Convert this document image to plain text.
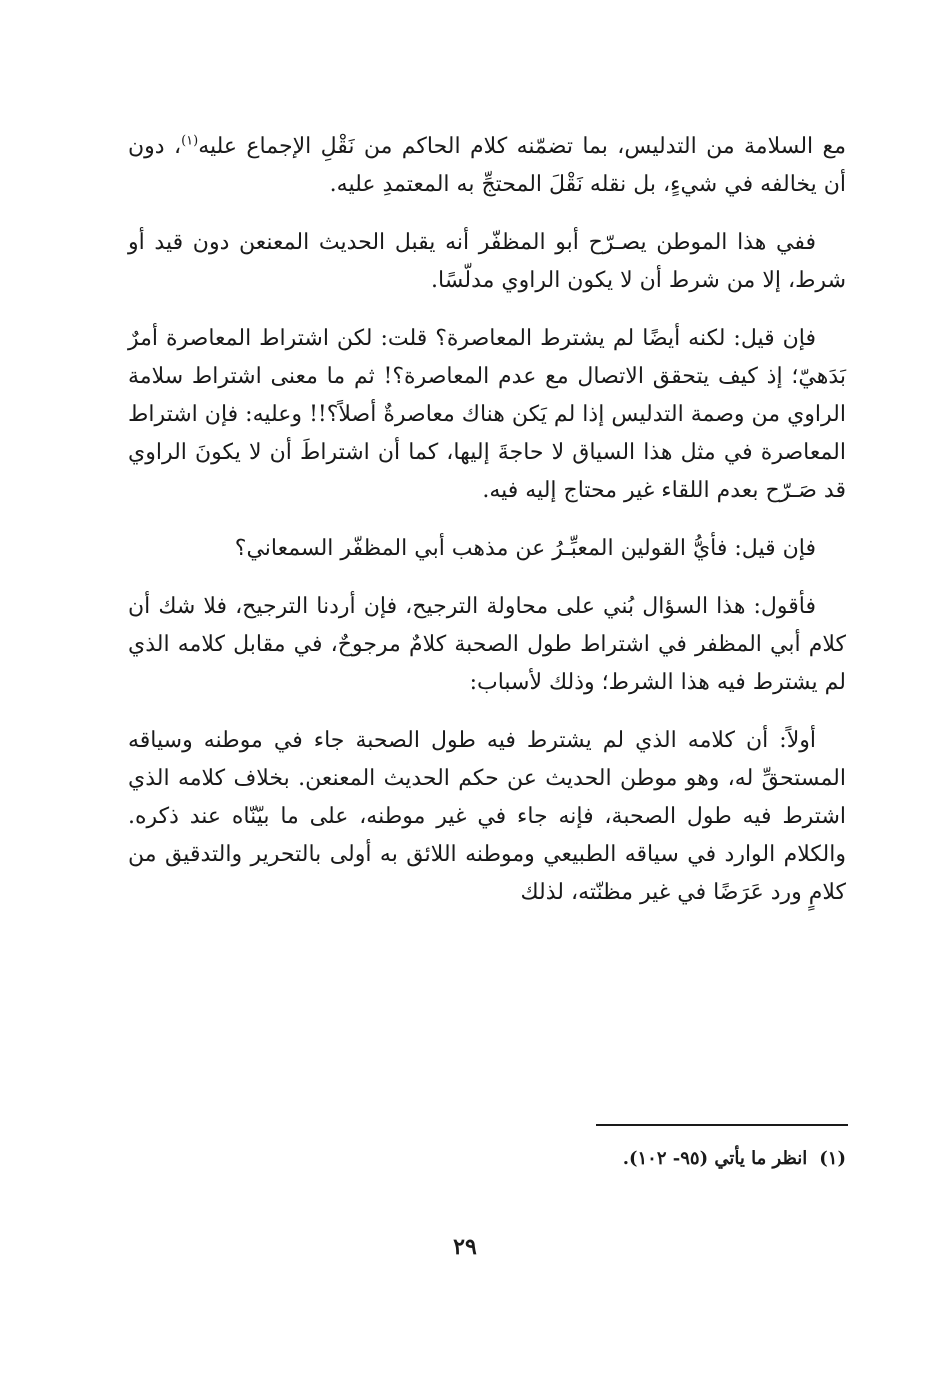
مع السلامة من التدليس، بما تضمّنه كلام الحاكم من نَقْلِ الإجماع عليه$^{(١)}$، دون أن يخالفه في شيءٍ، بل نقله نَقْلَ المحتجِّ به المعتمدِ عليه.

ففي هذا الموطن يصـرّح أبو المظفّر أنه يقبل الحديث المعنعن دون قيد أو شرط، إلا من شرط أن لا يكون الراوي مدلّسًا.

فإن قيل: لكنه أيضًا لم يشترط المعاصرة؟ قلت: لكن اشتراط المعاصرة أمرٌ بَدَهيّ؛ إذ كيف يتحقق الاتصال مع عدم المعاصرة؟! ثم ما معنى اشتراط سلامة الراوي من وصمة التدليس إذا لم يَكن هناك معاصرةٌ أصلاً؟!! وعليه: فإن اشتراط المعاصرة في مثل هذا السياق لا حاجةَ إليها، كما أن اشتراطَ أن لا يكونَ الراوي قد صَـرّح بعدم اللقاء غير محتاج إليه فيه.

فإن قيل: فأيُّ القولين المعبِّـرُ عن مذهب أبي المظفّر السمعاني؟

فأقول: هذا السؤال بُني على محاولة الترجيح، فإن أردنا الترجيح، فلا شك أن كلام أبي المظفر في اشتراط طول الصحبة كلامٌ مرجوحٌ، في مقابل كلامه الذي لم يشترط فيه هذا الشرط؛ وذلك لأسباب:

أولاً: أن كلامه الذي لم يشترط فيه طول الصحبة جاء في موطنه وسياقه المستحقِّ له، وهو موطن الحديث عن حكم الحديث المعنعن. بخلاف كلامه الذي اشترط فيه طول الصحبة، فإنه جاء في غير موطنه، على ما بيّنّاه عند ذكره. والكلام الوارد في سياقه الطبيعي وموطنه اللائق به أولى بالتحرير والتدقيق من كلامٍ ورد عَرَضًا في غير مظنّته، لذلك

(١)انظر ما يأتي (٩٥- ١٠٢).
٢٩
